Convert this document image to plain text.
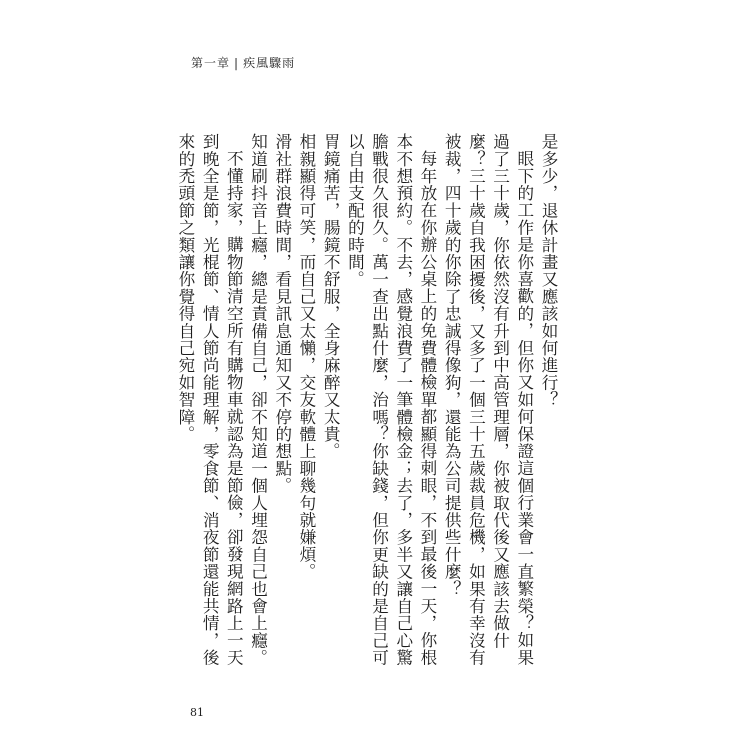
第一章 | 疾風驟雨

是多少，退休計畫又應該如何進行？

眼下的工作是你喜歡的，但你又如何保證這個行業會一直繁榮？如果過了三十歲，你依然沒有升到中高管理層，你被取代後又應該去做什麼？三十歲自我困擾後，又多了一個三十五歲裁員危機，如果有幸沒有被裁，四十歲的你除了忠誠得像狗，還能為公司提供些什麼？

每年放在你辦公桌上的免費體檢單都顯得刺眼，不到最後一天，你根本不想預約。不去，感覺浪費了一筆體檢金；去了，多半又讓自己心驚膽戰很久很久。萬一查出點什麼，治嗎？你缺錢，但你更缺的是自己可以自由支配的時間。

胃鏡痛苦，腸鏡不舒服，全身麻醉又太貴。

相親顯得可笑，而自己又太懶，交友軟體上聊幾句就嫌煩。

滑社群浪費時間，看見訊息通知又不停的想點。

知道刷抖音上癮，總是責備自己，卻不知道一個人埋怨自己也會上癮。

不懂持家，購物節清空所有購物車就認為是節儉，卻發現網路上一天到晚全是節，光棍節、情人節尚能理解，零食節、消夜節還能共情，後來的禿頭節之類讓你覺得自己宛如智障。

81
